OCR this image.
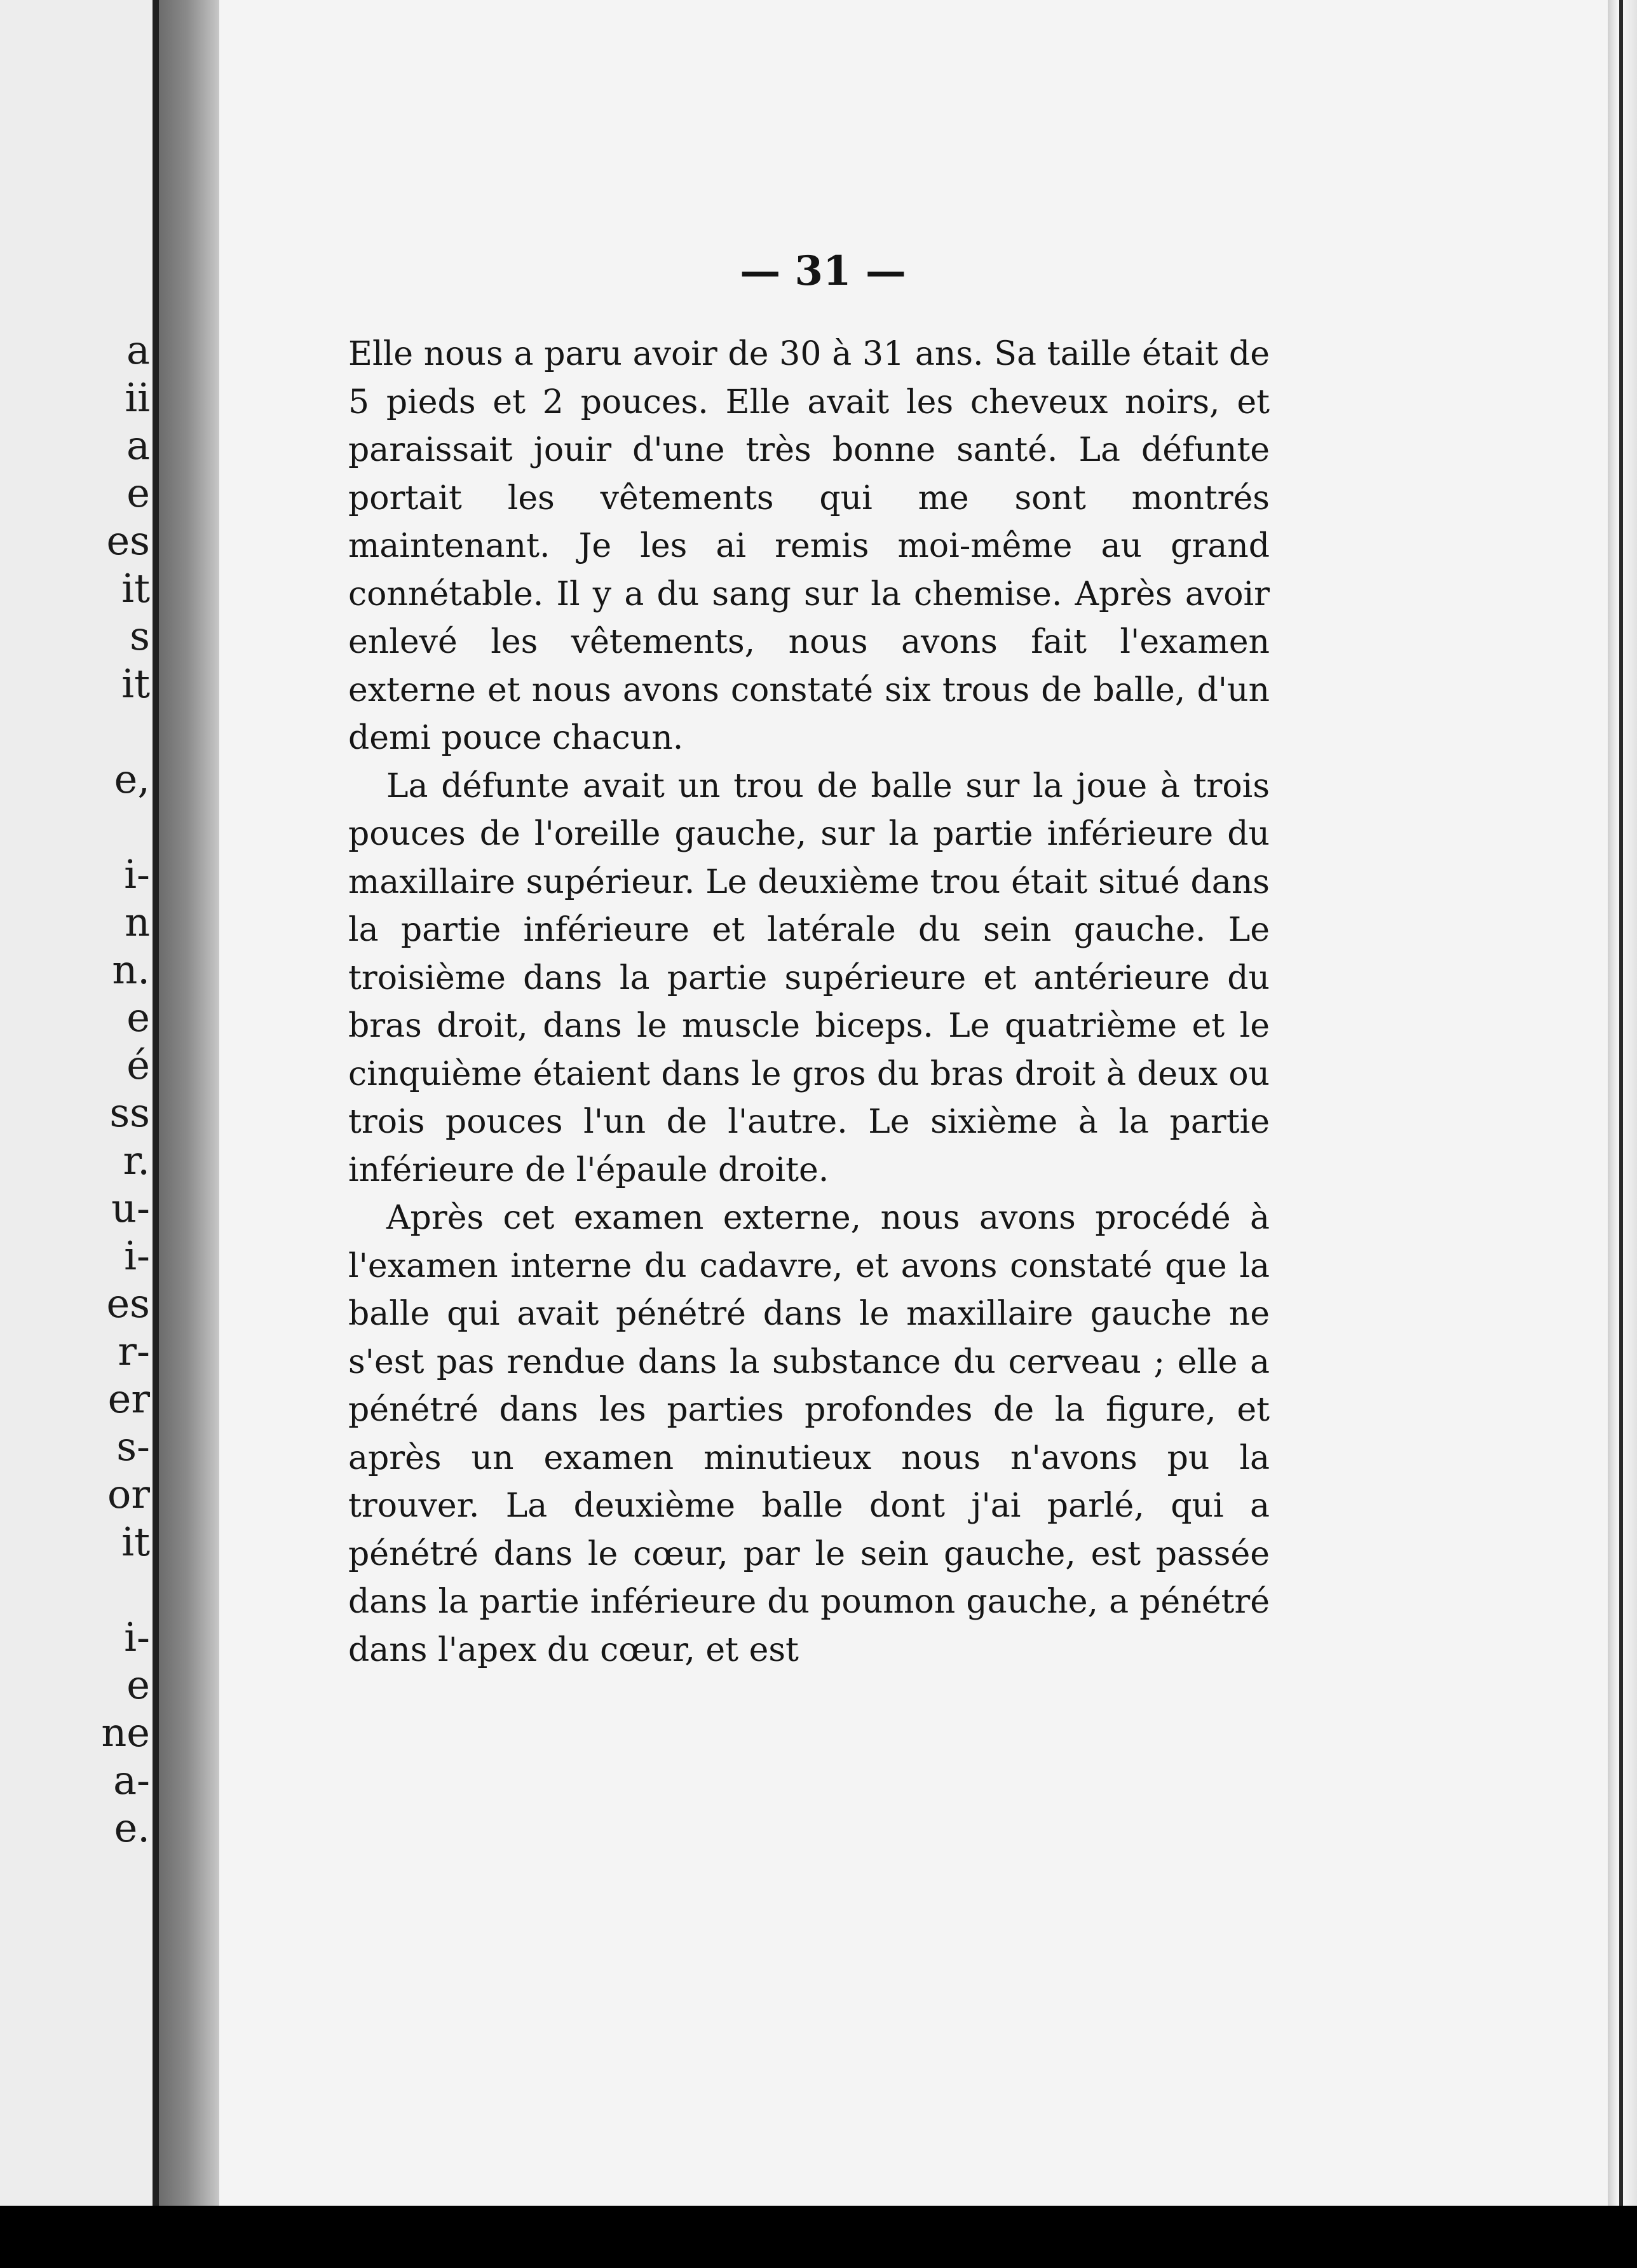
a
ii
a
e
es
it
s
it
e,
i-
n
n.
e
é
ss
r.
u-
i-
es
r-
er
s-
or
it
i-
e
ne
a-
e.
— 31 —

Elle nous a paru avoir de 30 à 31 ans. Sa taille était de 5 pieds et 2 pouces. Elle avait les cheveux noirs, et paraissait jouir d'une très bonne santé. La défunte portait les vêtements qui me sont montrés maintenant. Je les ai remis moi-même au grand connétable. Il y a du sang sur la chemise. Après avoir enlevé les vêtements, nous avons fait l'examen externe et nous avons constaté six trous de balle, d'un demi pouce chacun.

La défunte avait un trou de balle sur la joue à trois pouces de l'oreille gauche, sur la partie inférieure du maxillaire supérieur. Le deuxième trou était situé dans la partie inférieure et latérale du sein gauche. Le troisième dans la partie supérieure et antérieure du bras droit, dans le muscle biceps. Le quatrième et le cinquième étaient dans le gros du bras droit à deux ou trois pouces l'un de l'autre. Le sixième à la partie inférieure de l'épaule droite.

Après cet examen externe, nous avons procédé à l'examen interne du cadavre, et avons constaté que la balle qui avait pénétré dans le maxillaire gauche ne s'est pas rendue dans la substance du cerveau ; elle a pénétré dans les parties profondes de la figure, et après un examen minutieux nous n'avons pu la trouver. La deuxième balle dont j'ai parlé, qui a pénétré dans le cœur, par le sein gauche, est passée dans la partie inférieure du poumon gauche, a pénétré dans l'apex du cœur, et est
